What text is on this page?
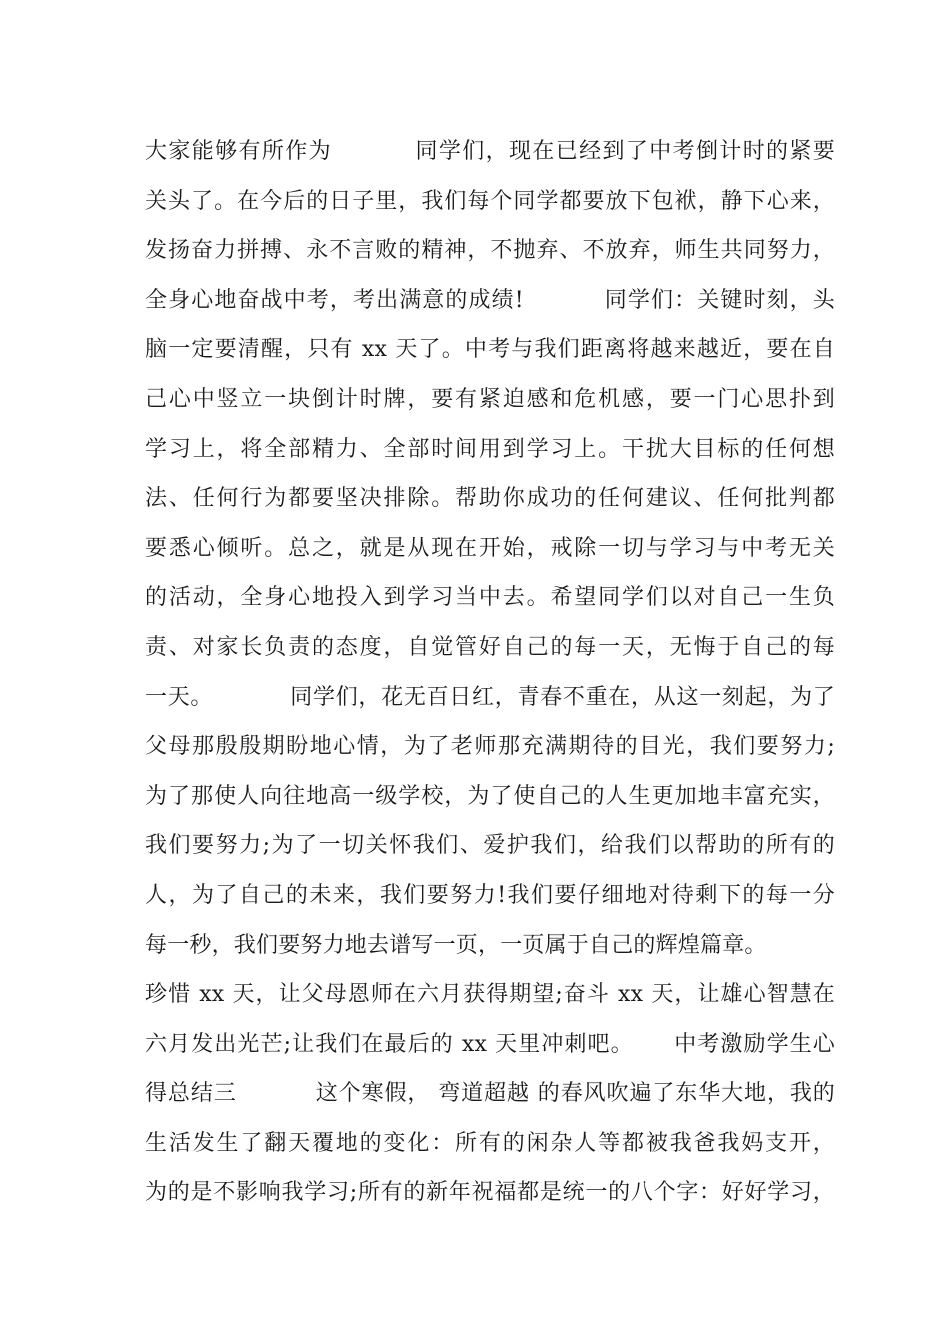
大家能够有所作为          同学们，现在已经到了中考倒计时的紧要
关头了。在今后的日子里，我们每个同学都要放下包袱，静下心来，
发扬奋力拼搏、永不言败的精神，不抛弃、不放弃，师生共同努力，
全身心地奋战中考，考出满意的成绩!          同学们：关键时刻，头
脑一定要清醒，只有 xx 天了。中考与我们距离将越来越近，要在自
己心中竖立一块倒计时牌，要有紧迫感和危机感，要一门心思扑到
学习上，将全部精力、全部时间用到学习上。干扰大目标的任何想
法、任何行为都要坚决排除。帮助你成功的任何建议、任何批判都
要悉心倾听。总之，就是从现在开始，戒除一切与学习与中考无关
的活动，全身心地投入到学习当中去。希望同学们以对自己一生负
责、对家长负责的态度，自觉管好自己的每一天，无悔于自己的每
一天。          同学们，花无百日红，青春不重在，从这一刻起，为了
父母那殷殷期盼地心情，为了老师那充满期待的目光，我们要努力;
为了那使人向往地高一级学校，为了使自己的人生更加地丰富充实，
我们要努力;为了一切关怀我们、爱护我们，给我们以帮助的所有的
人，为了自己的未来，我们要努力!我们要仔细地对待剩下的每一分
每一秒，我们要努力地去谱写一页，一页属于自己的辉煌篇章。
珍惜 xx 天，让父母恩师在六月获得期望;奋斗 xx 天，让雄心智慧在
六月发出光芒;让我们在最后的 xx 天里冲刺吧。     中考激励学生心
得总结三          这个寒假， 弯道超越 的春风吹遍了东华大地，我的
生活发生了翻天覆地的变化：所有的闲杂人等都被我爸我妈支开，
为的是不影响我学习;所有的新年祝福都是统一的八个字：好好学习，
